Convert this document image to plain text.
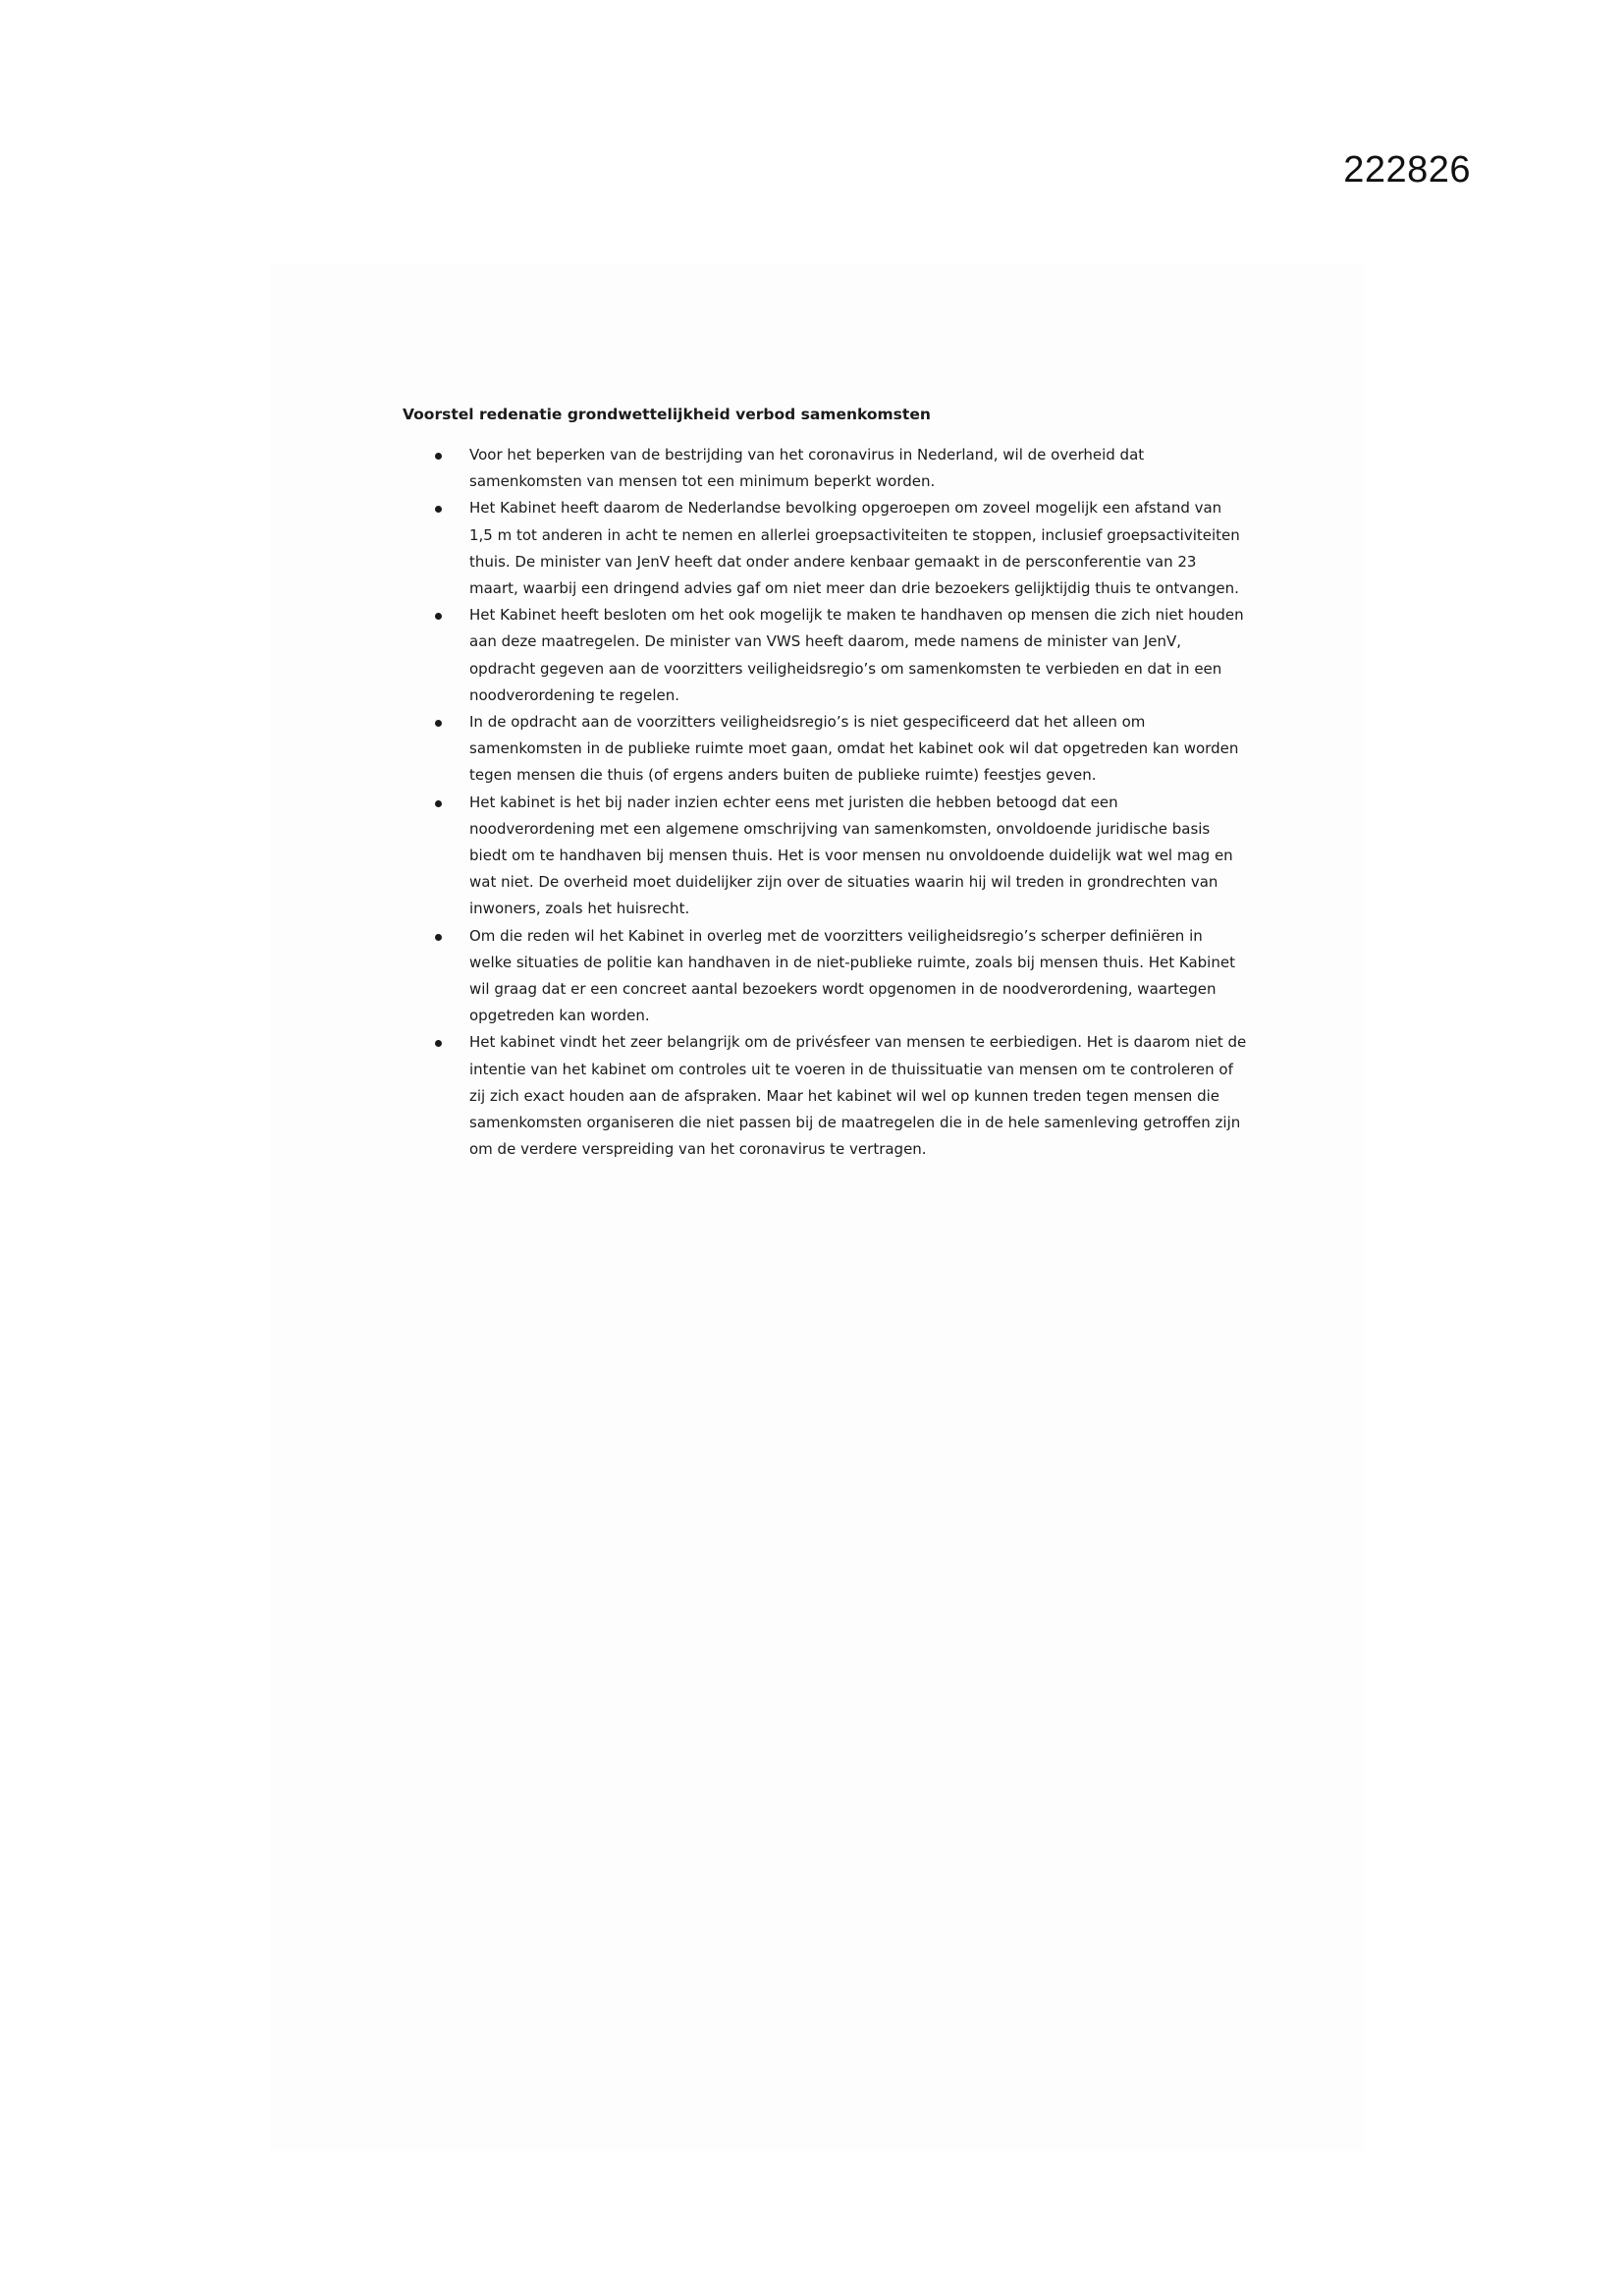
222826
Voorstel redenatie grondwettelijkheid verbod samenkomsten
Voor het beperken van de bestrijding van het coronavirus in Nederland, wil de overheid dat samenkomsten van mensen tot een minimum beperkt worden.
Het Kabinet heeft daarom de Nederlandse bevolking opgeroepen om zoveel mogelijk een afstand van 1,5 m tot anderen in acht te nemen en allerlei groepsactiviteiten te stoppen, inclusief groepsactiviteiten thuis. De minister van JenV heeft dat onder andere kenbaar gemaakt in de persconferentie van 23 maart, waarbij een dringend advies gaf om niet meer dan drie bezoekers gelijktijdig thuis te ontvangen.
Het Kabinet heeft besloten om het ook mogelijk te maken te handhaven op mensen die zich niet houden aan deze maatregelen. De minister van VWS heeft daarom, mede namens de minister van JenV, opdracht gegeven aan de voorzitters veiligheidsregio’s om samenkomsten te verbieden en dat in een noodverordening te regelen.
In de opdracht aan de voorzitters veiligheidsregio’s is niet gespecificeerd dat het alleen om samenkomsten in de publieke ruimte moet gaan, omdat het kabinet ook wil dat opgetreden kan worden tegen mensen die thuis (of ergens anders buiten de publieke ruimte) feestjes geven.
Het kabinet is het bij nader inzien echter eens met juristen die hebben betoogd dat een noodverordening met een algemene omschrijving van samenkomsten, onvoldoende juridische basis biedt om te handhaven bij mensen thuis. Het is voor mensen nu onvoldoende duidelijk wat wel mag en wat niet. De overheid moet duidelijker zijn over de situaties waarin hij wil treden in grondrechten van inwoners, zoals het huisrecht.
Om die reden wil het Kabinet in overleg met de voorzitters veiligheidsregio’s scherper definiëren in welke situaties de politie kan handhaven in de niet-publieke ruimte, zoals bij mensen thuis. Het Kabinet wil graag dat er een concreet aantal bezoekers wordt opgenomen in de noodverordening, waartegen opgetreden kan worden.
Het kabinet vindt het zeer belangrijk om de privésfeer van mensen te eerbiedigen. Het is daarom niet de intentie van het kabinet om controles uit te voeren in de thuissituatie van mensen om te controleren of zij zich exact houden aan de afspraken. Maar het kabinet wil wel op kunnen treden tegen mensen die samenkomsten organiseren die niet passen bij de maatregelen die in de hele samenleving getroffen zijn om de verdere verspreiding van het coronavirus te vertragen.
